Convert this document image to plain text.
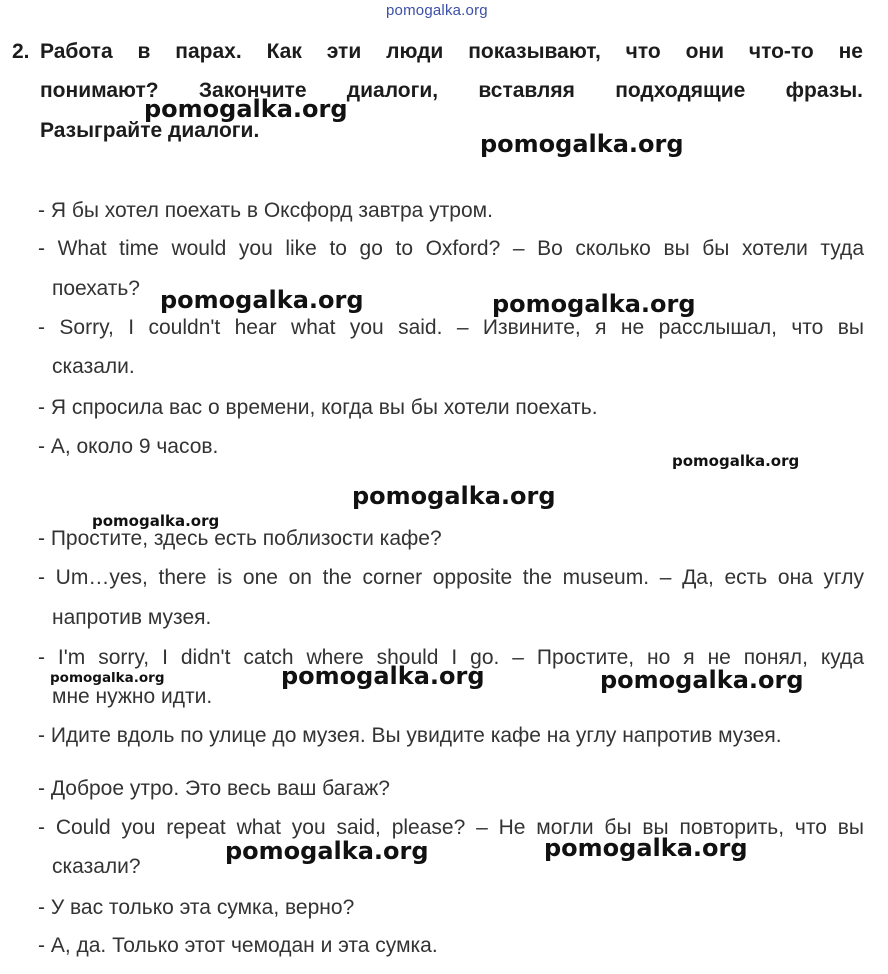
pomogalka.org
2. Работа в парах. Как эти люди показывают, что они что-то не
понимают? Закончите диалоги, вставляя подходящие фразы.
Разыграйте диалоги.
- Я бы хотел поехать в Оксфорд завтра утром.
- What time would you like to go to Oxford? – Во сколько вы бы хотели туда
поехать?
- Sorry, I couldn't hear what you said. – Извините, я не расслышал, что вы
сказали.
- Я спросила вас о времени, когда вы бы хотели поехать.
- А, около 9 часов.
- Простите, здесь есть поблизости кафе?
- Um…yes, there is one on the corner opposite the museum. – Да, есть она углу
напротив музея.
- I'm sorry, I didn't catch where should I go. – Простите, но я не понял, куда
мне нужно идти.
- Идите вдоль по улице до музея. Вы увидите кафе на углу напротив музея.
- Доброе утро. Это весь ваш багаж?
- Could you repeat what you said, please? – Не могли бы вы повторить, что вы
сказали?
- У вас только эта сумка, верно?
- А, да. Только этот чемодан и эта сумка.
pomogalka.org
pomogalka.org
pomogalka.org	pomogalka.org
pomogalka.org
pomogalka.org
pomogalka.org
pomogalka.org	pomogalka.org	pomogalka.org
pomogalka.org	pomogalka.org
